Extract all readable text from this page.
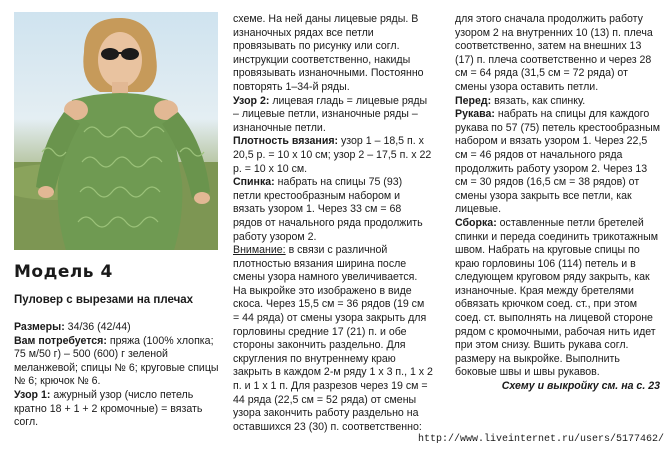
Модель 4
Пуловер с вырезами на плечах

Размеры: 34/36 (42/44)

Вам потребуется: пряжа (100% хлопка; 75 м/50 г) – 500 (600) г зеленой меланжевой; спицы № 6; круговые спицы № 6; крючок № 6.

Узор 1: ажурный узор (число петель кратно 18 + 1 + 2 кромочные) = вязать согл.

схеме. На ней даны лицевые ряды. В изнаночных рядах все петли провязывать по рисунку или согл. инструкции соответственно, накиды провязывать изнаночными. Постоянно повторять 1–34-й ряды.

Узор 2: лицевая гладь = лицевые ряды – лицевые петли, изнаночные ряды – изнаночные петли.

Плотность вязания: узор 1 – 18,5 п. х 20,5 р. = 10 х 10 см; узор 2 – 17,5 п. х 22 р. = 10 х 10 см.

Спинка: набрать на спицы 75 (93) петли крестообразным набором и вязать узором 1. Через 33 см = 68 рядов от начального ряда продолжить работу узором 2.

Внимание: в связи с различной плотностью вязания ширина после смены узора намного увеличивается. На выкройке это изображено в виде скоса. Через 15,5 см = 36 рядов (19 см = 44 ряда) от смены узора закрыть для горловины средние 17 (21) п. и обе стороны закончить раздельно. Для скругления по внутреннему краю закрыть в каждом 2-м ряду 1 х 3 п., 1 х 2 п. и 1 х 1 п. Для разрезов через 19 см = 44 ряда (22,5 см = 52 ряда) от смены узора закончить работу раздельно на оставшихся 23 (30) п. соответственно:

для этого сначала продолжить работу узором 2 на внутренних 10 (13) п. плеча соответственно, затем на внешних 13 (17) п. плеча соответственно и через 28 см = 64 ряда (31,5 см = 72 ряда) от смены узора оставить петли.

Перед: вязать, как спинку.

Рукава: набрать на спицы для каждого рукава по 57 (75) петель крестообразным набором и вязать узором 1. Через 22,5 см = 46 рядов от начального ряда продолжить работу узором 2. Через 13 см = 30 рядов (16,5 см = 38 рядов) от смены узора закрыть все петли, как лицевые.

Сборка: оставленные петли бретелей спинки и переда соединить трикотажным швом. Набрать на круговые спицы по краю горловины 106 (114) петель и в следующем круговом ряду закрыть, как изнаночные. Края между бретелями обвязать крючком соед. ст., при этом соед. ст. выполнять на лицевой стороне рядом с кромочными, рабочая нить идет при этом снизу. Вшить рукава согл. размеру на выкройке. Выполнить боковые швы и швы рукавов.

Схему и выкройку см. на с. 23

http://www.liveinternet.ru/users/5177462/
